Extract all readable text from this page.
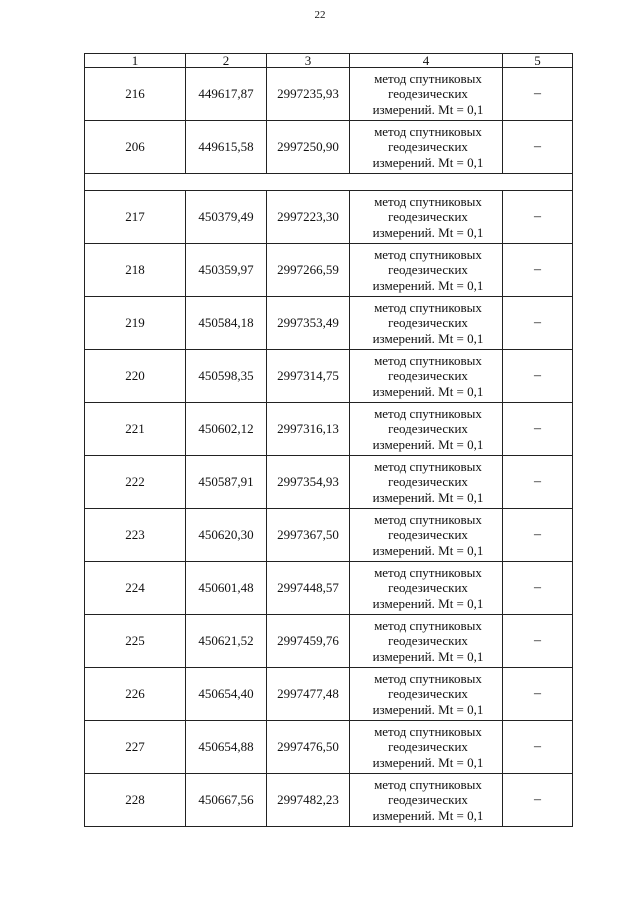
22
1	2	3	4	5
216	449617,87	2997235,93	метод спутниковых
геодезических
измерений. Mt = 0,1	–
206	449615,58	2997250,90	метод спутниковых
геодезических
измерений. Mt = 0,1	–

217	450379,49	2997223,30	метод спутниковых
геодезических
измерений. Mt = 0,1	–
218	450359,97	2997266,59	метод спутниковых
геодезических
измерений. Mt = 0,1	–
219	450584,18	2997353,49	метод спутниковых
геодезических
измерений. Mt = 0,1	–
220	450598,35	2997314,75	метод спутниковых
геодезических
измерений. Mt = 0,1	–
221	450602,12	2997316,13	метод спутниковых
геодезических
измерений. Mt = 0,1	–
222	450587,91	2997354,93	метод спутниковых
геодезических
измерений. Mt = 0,1	–
223	450620,30	2997367,50	метод спутниковых
геодезических
измерений. Mt = 0,1	–
224	450601,48	2997448,57	метод спутниковых
геодезических
измерений. Mt = 0,1	–
225	450621,52	2997459,76	метод спутниковых
геодезических
измерений. Mt = 0,1	–
226	450654,40	2997477,48	метод спутниковых
геодезических
измерений. Mt = 0,1	–
227	450654,88	2997476,50	метод спутниковых
геодезических
измерений. Mt = 0,1	–
228	450667,56	2997482,23	метод спутниковых
геодезических
измерений. Mt = 0,1	–
